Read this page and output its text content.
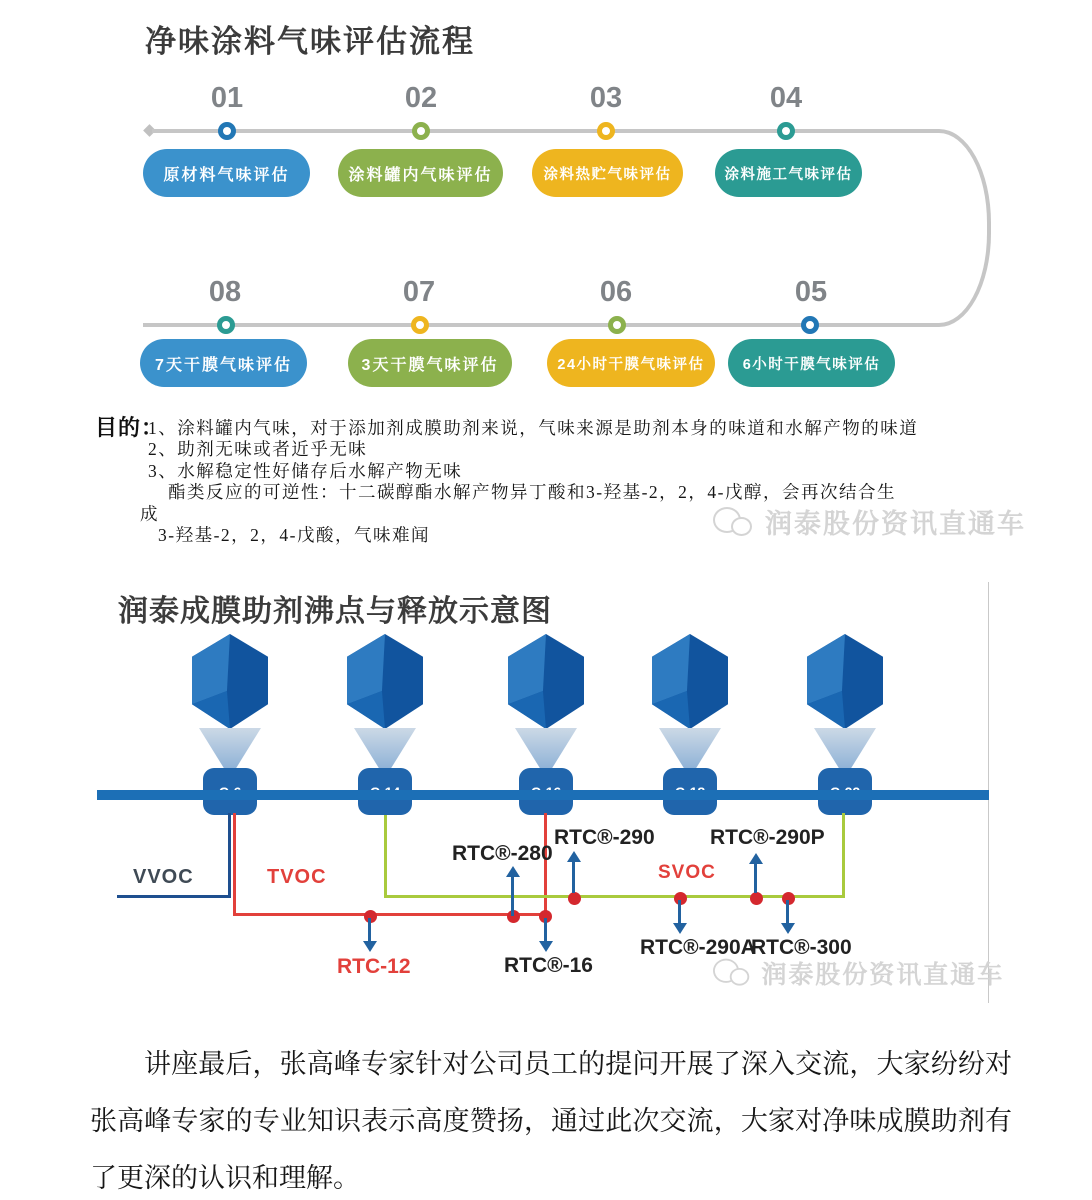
净味涂料气味评估流程
01	02	03	04
原材料气味评估	涂料罐内气味评估	涂料热贮气味评估	涂料施工气味评估
08	07	06	05
7天干膜气味评估	3天干膜气味评估	24小时干膜气味评估	6小时干膜气味评估
目的：
1、涂料罐内气味，对于添加剂成膜助剂来说，气味来源是助剂本身的味道和水解产物的味道
2、助剂无味或者近乎无味
3、水解稳定性好储存后水解产物无味
酯类反应的可逆性：十二碳醇酯水解产物异丁酸和3-羟基-2，2，4-戊醇，会再次结合生
成
3-羟基-2，2，4-戊酸，气味难闻	润泰股份资讯直通车
润泰成膜助剂沸点与释放示意图
VVOC	TVOC	SVOC
RTC-12
RTC®-280
RTC®-16
RTC®-290
RTC®-290A
RTC®-290P
RTC®-300
润泰股份资讯直通车
讲座最后，张高峰专家针对公司员工的提问开展了深入交流，大家纷纷对张高峰专家的专业知识表示高度赞扬，通过此次交流，大家对净味成膜助剂有了更深的认识和理解。
